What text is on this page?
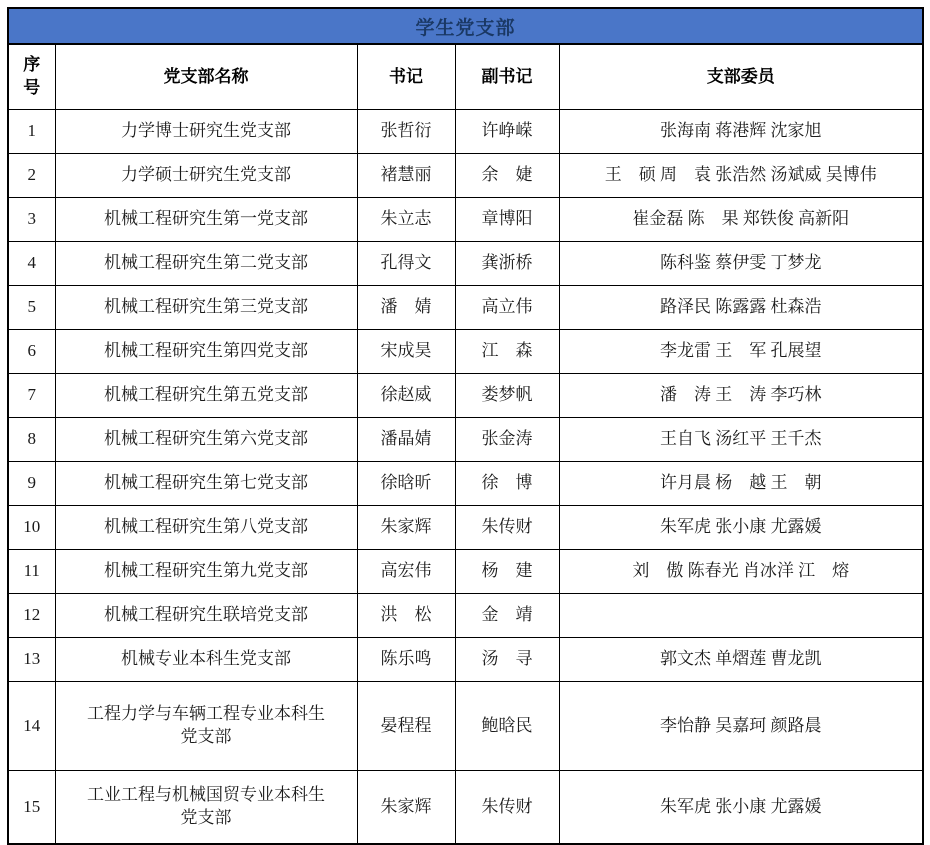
学生党支部				
序号	党支部名称	书记	副书记	支部委员
1	力学博士研究生党支部	张哲衍	许峥嵘	张海南 蒋港辉 沈家旭
2	力学硕士研究生党支部	褚慧丽	余　婕	王　硕 周　袁 张浩然 汤斌威 吴博伟
3	机械工程研究生第一党支部	朱立志	章博阳	崔金磊 陈　果 郑铁俊 高新阳
4	机械工程研究生第二党支部	孔得文	龚浙桥	陈科鉴 蔡伊雯 丁梦龙
5	机械工程研究生第三党支部	潘　婧	高立伟	路泽民 陈露露 杜森浩
6	机械工程研究生第四党支部	宋成昊	江　森	李龙雷 王　军 孔展望
7	机械工程研究生第五党支部	徐赵威	娄梦帆	潘　涛 王　涛 李巧林
8	机械工程研究生第六党支部	潘晶婧	张金涛	王自飞 汤红平 王千杰
9	机械工程研究生第七党支部	徐晗昕	徐　博	许月晨 杨　越 王　朝
10	机械工程研究生第八党支部	朱家辉	朱传财	朱军虎 张小康 尤露媛
11	机械工程研究生第九党支部	高宏伟	杨　建	刘　傲 陈春光 肖冰洋 江　熔
12	机械工程研究生联培党支部	洪　松	金　靖	
13	机械专业本科生党支部	陈乐鸣	汤　寻	郭文杰 单熠莲 曹龙凯
14	工程力学与车辆工程专业本科生党支部	晏程程	鲍晗民	李怡静 吴嘉珂 颜路晨
15	工业工程与机械国贸专业本科生党支部	朱家辉	朱传财	朱军虎 张小康 尤露媛
